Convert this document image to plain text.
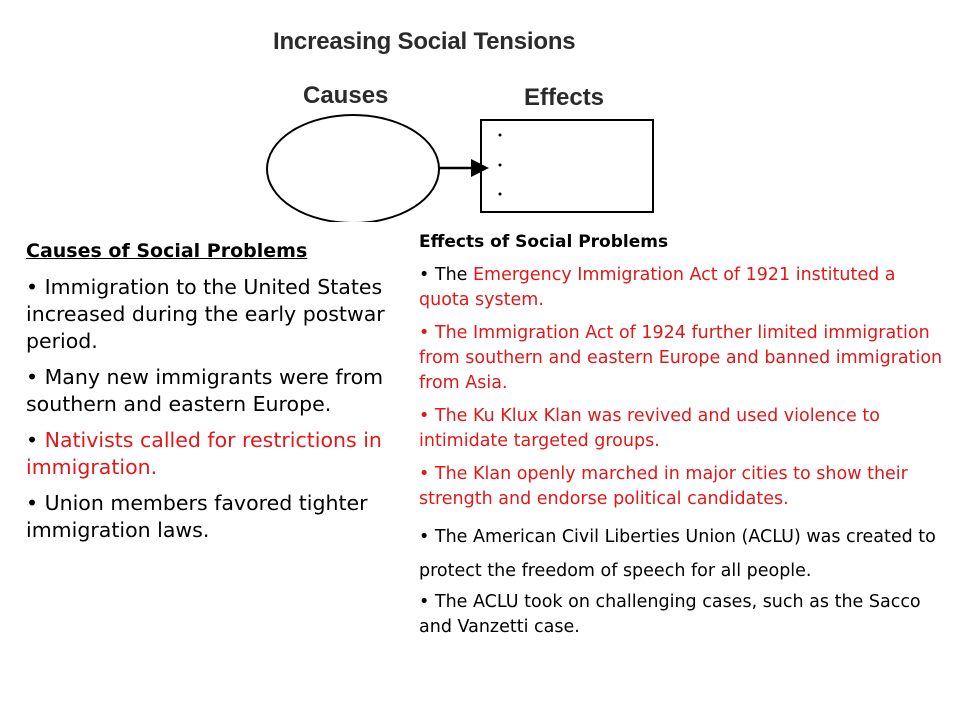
Increasing Social Tensions
Causes	Effects
Causes of Social Problems

• Immigration to the United States increased during the early postwar period.

• Many new immigrants were from southern and eastern Europe.

• Nativists called for restrictions in immigration.

• Union members favored tighter immigration laws.

Effects of Social Problems

• The Emergency Immigration Act of 1921 instituted a quota system.

• The Immigration Act of 1924 further limited immigration from southern and eastern Europe and banned immigration from Asia.

• The Ku Klux Klan was revived and used violence to intimidate targeted groups.

• The Klan openly marched in major cities to show their strength and endorse political candidates.

• The American Civil Liberties Union (ACLU) was created to protect the freedom of speech for all people.

• The ACLU took on challenging cases, such as the Sacco and Vanzetti case.
